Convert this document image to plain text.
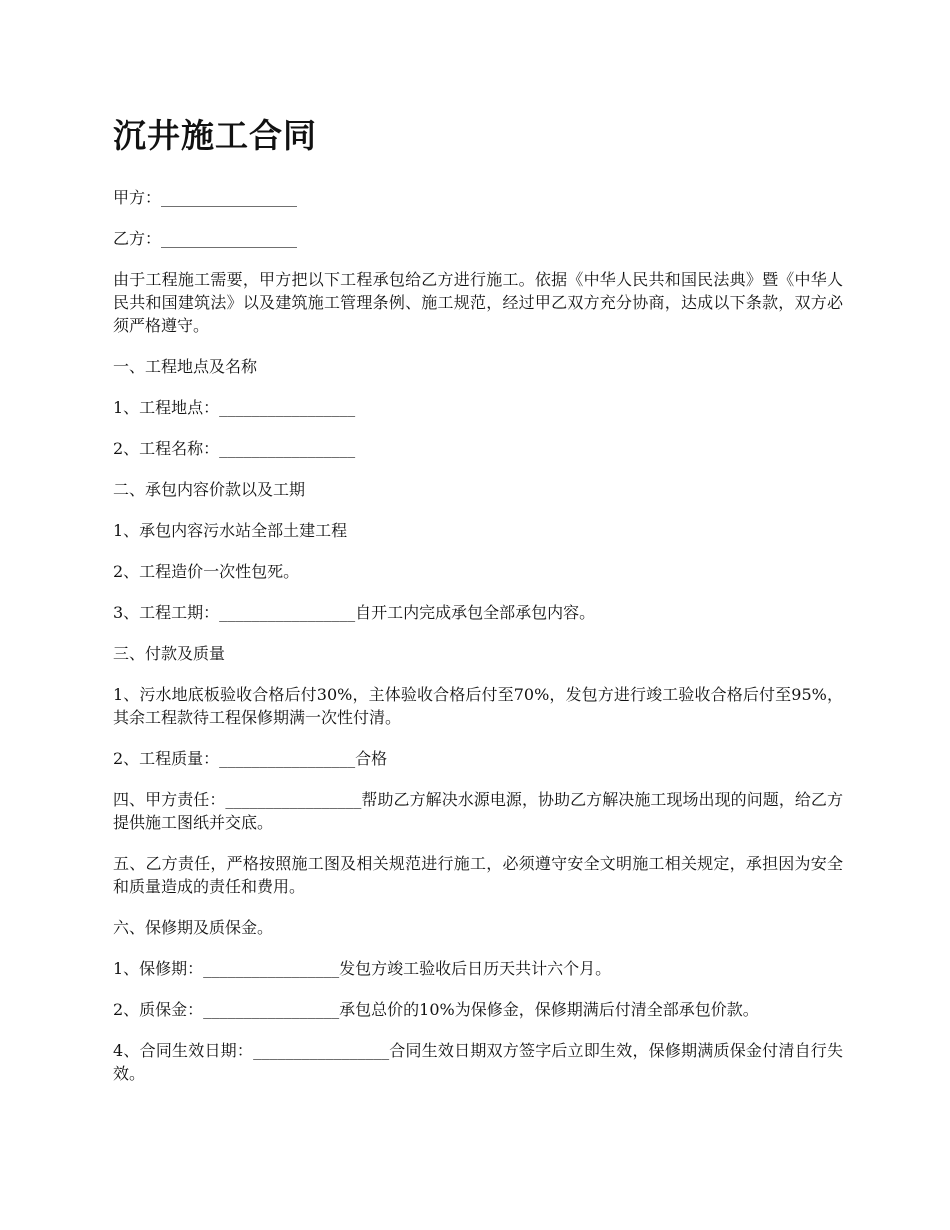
沉井施工合同

甲方：_________________

乙方：_________________

由于工程施工需要，甲方把以下工程承包给乙方进行施工。依据《中华人民共和国民法典》暨《中华人民共和国建筑法》以及建筑施工管理条例、施工规范，经过甲乙双方充分协商，达成以下条款，双方必须严格遵守。

一、工程地点及名称

1、工程地点：_________________

2、工程名称：_________________

二、承包内容价款以及工期

1、承包内容污水站全部土建工程

2、工程造价一次性包死。

3、工程工期：_________________自开工内完成承包全部承包内容。

三、付款及质量

1、污水地底板验收合格后付30%，主体验收合格后付至70%，发包方进行竣工验收合格后付至95%，其余工程款待工程保修期满一次性付清。

2、工程质量：_________________合格

四、甲方责任：_________________帮助乙方解决水源电源，协助乙方解决施工现场出现的问题，给乙方提供施工图纸并交底。

五、乙方责任，严格按照施工图及相关规范进行施工，必须遵守安全文明施工相关规定，承担因为安全和质量造成的责任和费用。

六、保修期及质保金。

1、保修期：_________________发包方竣工验收后日历天共计六个月。

2、质保金：_________________承包总价的10%为保修金，保修期满后付清全部承包价款。

4、合同生效日期：_________________合同生效日期双方签字后立即生效，保修期满质保金付清自行失效。
